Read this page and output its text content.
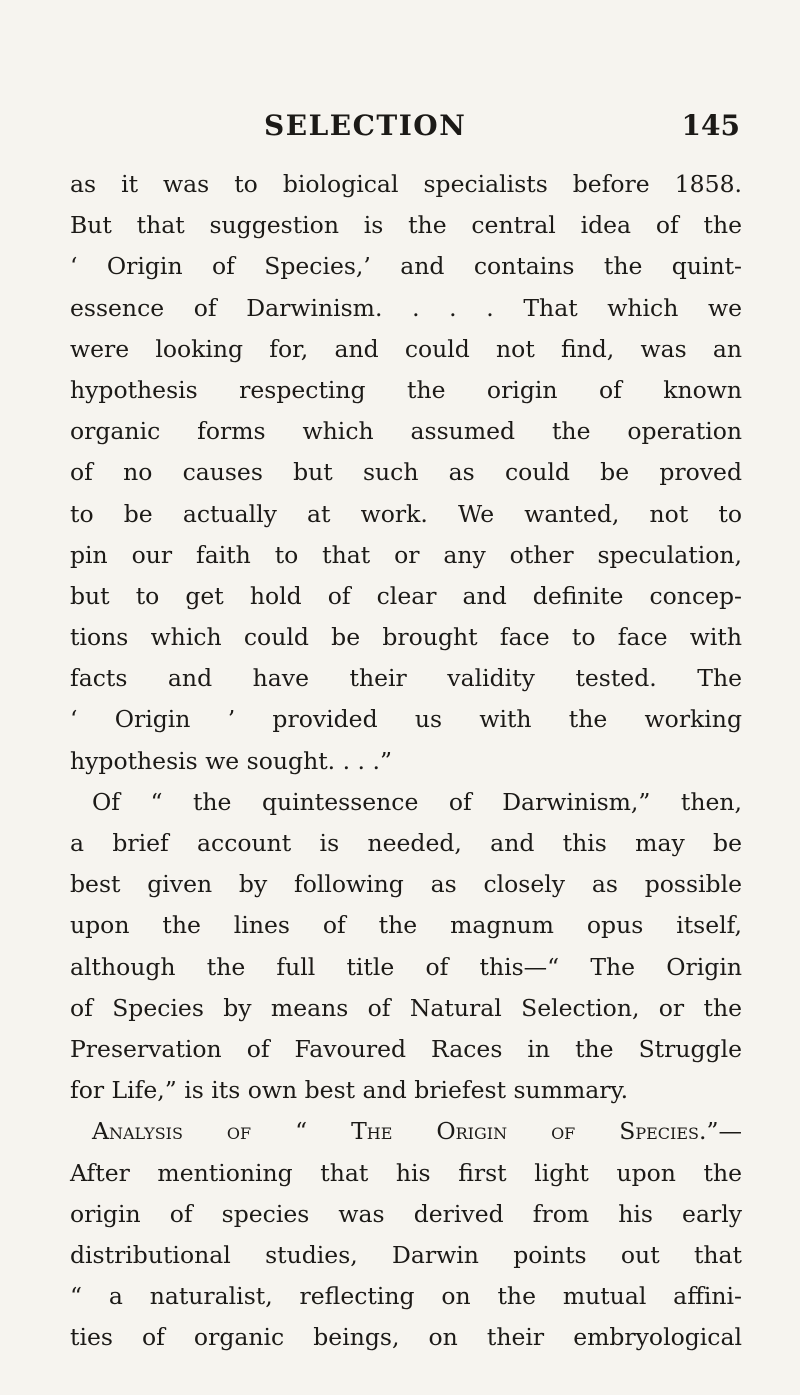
SELECTION	145
as it was to biological specialists before 1858.
But that suggestion is the central idea of the
‘ Origin of Species,’ and contains the quint-
essence of Darwinism. . . . That which we
were looking for, and could not find, was an
hypothesis respecting the origin of known
organic forms which assumed the operation
of no causes but such as could be proved
to be actually at work. We wanted, not to
pin our faith to that or any other speculation,
but to get hold of clear and definite concep-
tions which could be brought face to face with
facts and have their validity tested. The
‘ Origin ’ provided us with the working
hypothesis we sought. . . .”
Of “ the quintessence of Darwinism,” then,
a brief account is needed, and this may be
best given by following as closely as possible
upon the lines of the magnum opus itself,
although the full title of this—“ The Origin
of Species by means of Natural Selection, or the
Preservation of Favoured Races in the Struggle
for Life,” is its own best and briefest summary.
Analysis of “ The Origin of Species.”—
After mentioning that his first light upon the
origin of species was derived from his early
distributional studies, Darwin points out that
“ a naturalist, reflecting on the mutual affini-
ties of organic beings, on their embryological
